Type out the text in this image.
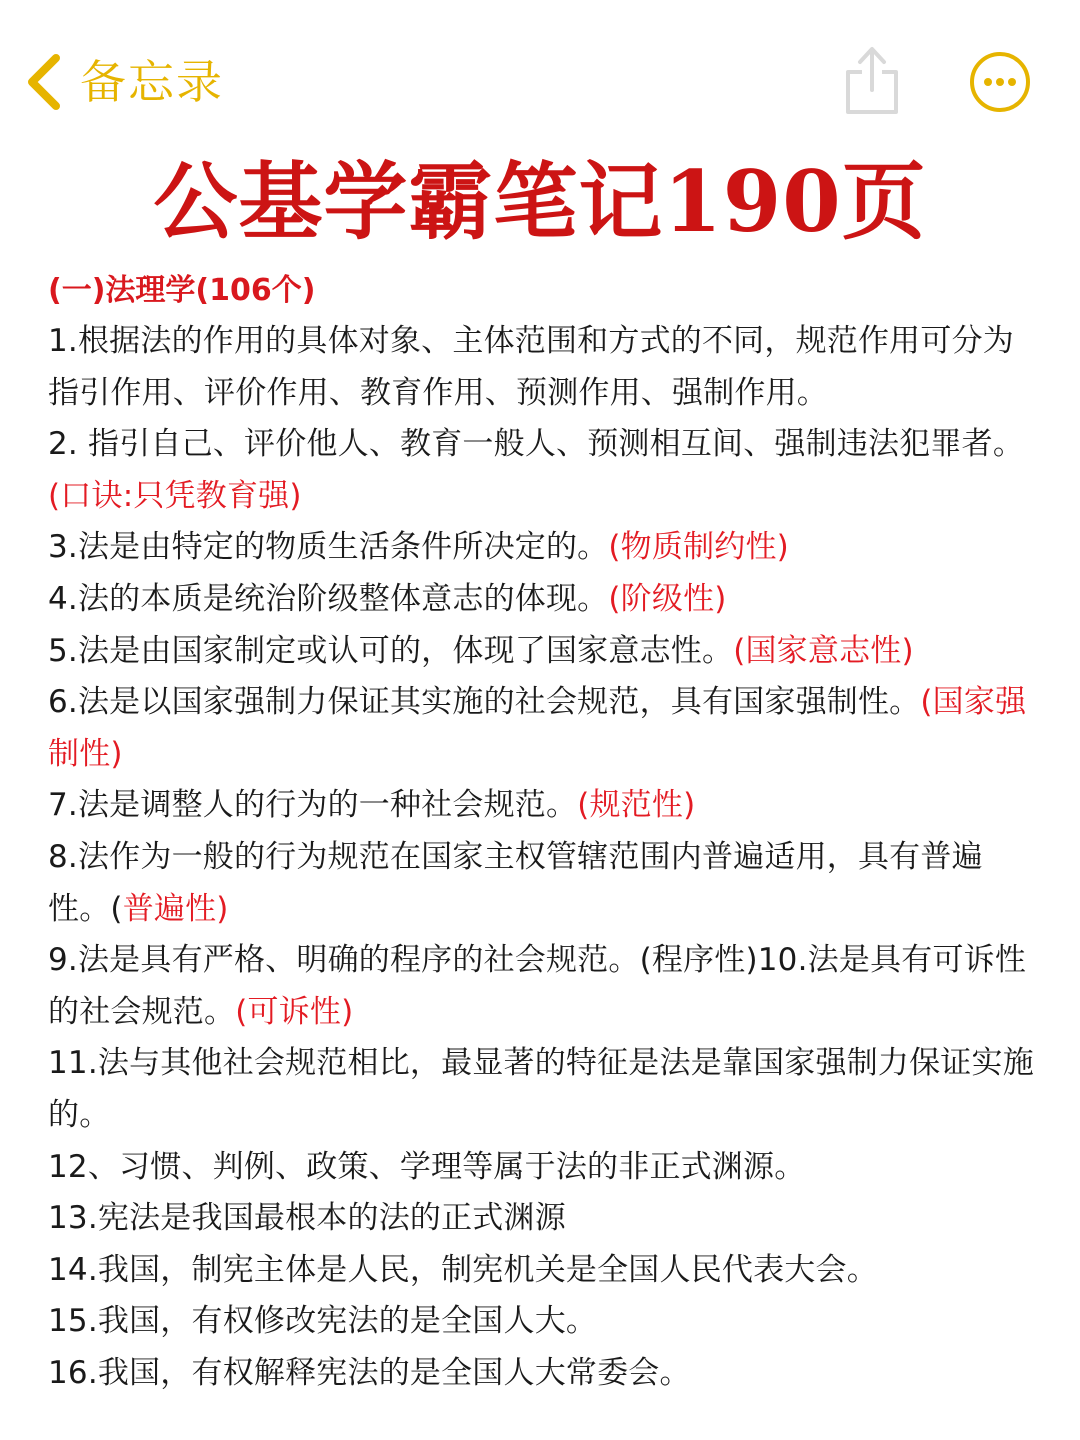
备忘录
公基学霸笔记190页

(一)法理学(106个)

1.根据法的作用的具体对象、主体范围和方式的不同，规范作用可分为指引作用、评价作用、教育作用、预测作用、强制作用。

2. 指引自己、评价他人、教育一般人、预测相互间、强制违法犯罪者。(口诀:只凭教育强)

3.法是由特定的物质生活条件所决定的。(物质制约性)

4.法的本质是统治阶级整体意志的体现。(阶级性)

5.法是由国家制定或认可的，体现了国家意志性。(国家意志性)

6.法是以国家强制力保证其实施的社会规范，具有国家强制性。(国家强制性)

7.法是调整人的行为的一种社会规范。(规范性)

8.法作为一般的行为规范在国家主权管辖范围内普遍适用，具有普遍性。(普遍性)

9.法是具有严格、明确的程序的社会规范。(程序性)10.法是具有可诉性的社会规范。(可诉性)

11.法与其他社会规范相比，最显著的特征是法是靠国家强制力保证实施的。

12、习惯、判例、政策、学理等属于法的非正式渊源。

13.宪法是我国最根本的法的正式渊源

14.我国，制宪主体是人民，制宪机关是全国人民代表大会。

15.我国，有权修改宪法的是全国人大。

16.我国，有权解释宪法的是全国人大常委会。
